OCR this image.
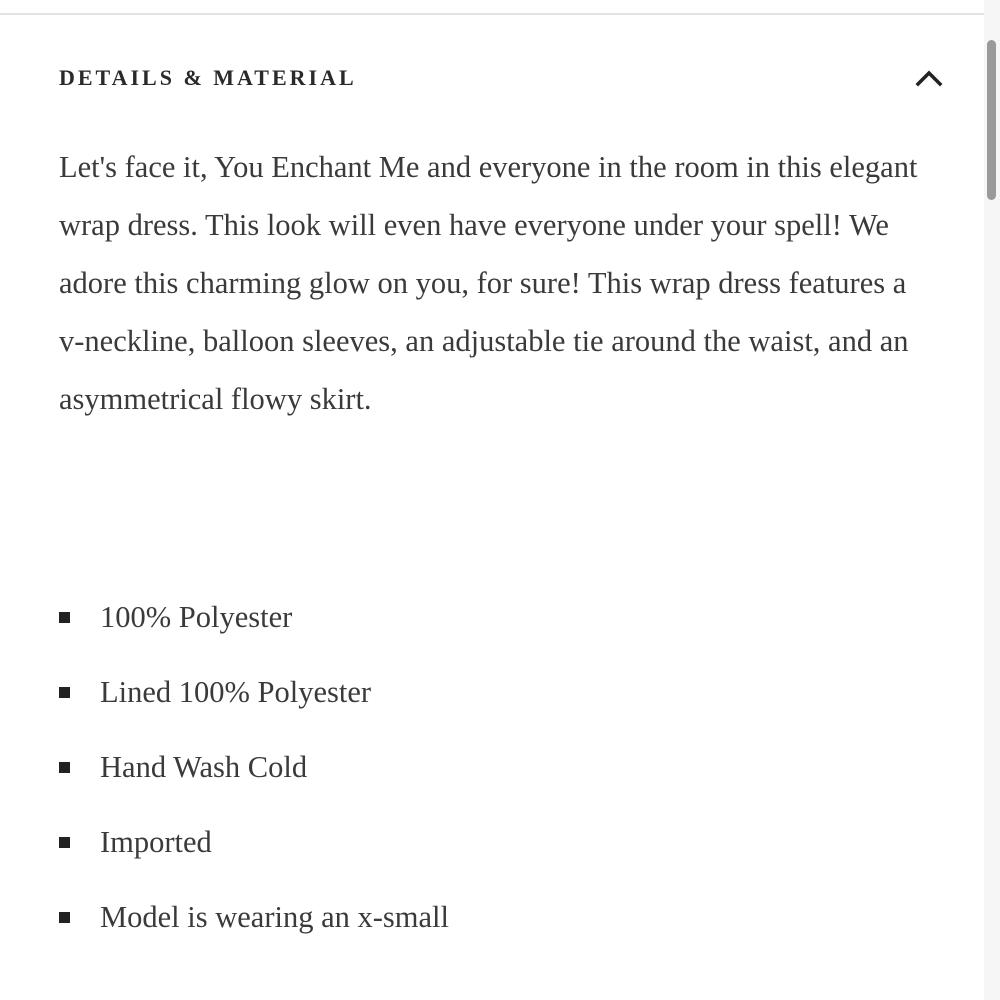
DETAILS & MATERIAL

Let's face it, You Enchant Me and everyone in the room in this elegant wrap dress. This look will even have everyone under your spell! We adore this charming glow on you, for sure! This wrap dress features a v-neckline, balloon sleeves, an adjustable tie around the waist, and an asymmetrical flowy skirt.

100% Polyester
Lined 100% Polyester
Hand Wash Cold
Imported
Model is wearing an x-small
